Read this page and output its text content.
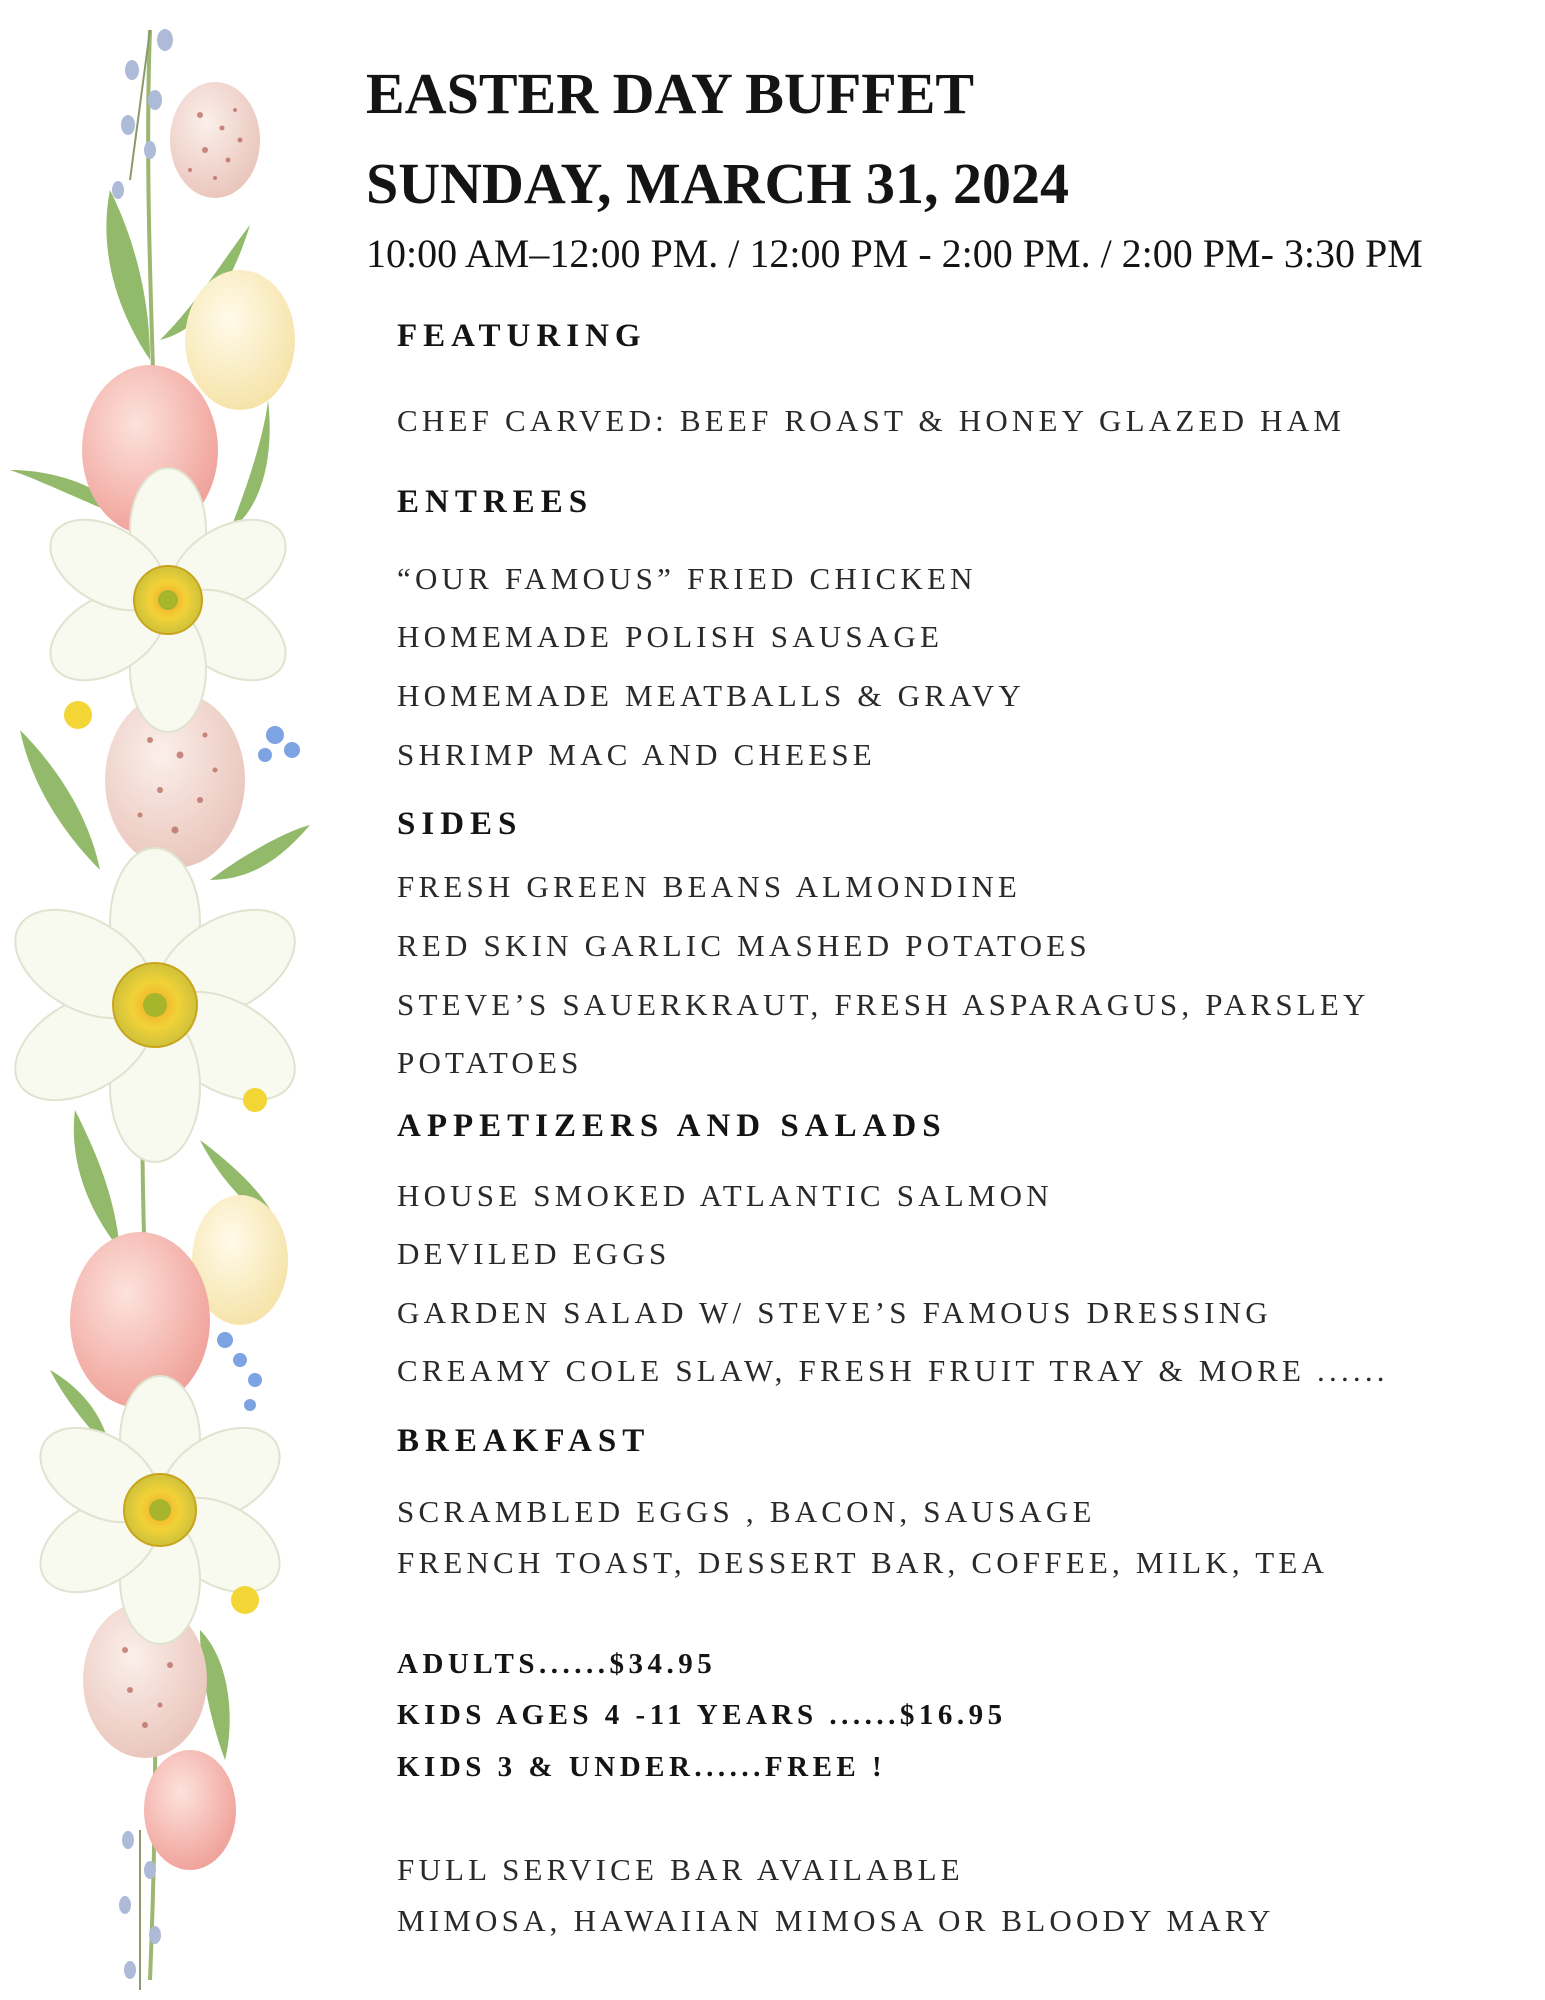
EASTER DAY BUFFET
SUNDAY, MARCH 31, 2024
10:00 AM–12:00 PM. / 12:00 PM - 2:00 PM. / 2:00 PM- 3:30 PM
FEATURING
CHEF CARVED: BEEF ROAST & HONEY GLAZED HAM
ENTREES
“OUR FAMOUS” FRIED CHICKEN
HOMEMADE POLISH SAUSAGE
HOMEMADE MEATBALLS & GRAVY
SHRIMP MAC AND CHEESE
SIDES
FRESH GREEN BEANS ALMONDINE
RED SKIN GARLIC MASHED POTATOES
STEVE’S SAUERKRAUT, FRESH ASPARAGUS, PARSLEY
POTATOES
APPETIZERS AND SALADS
HOUSE SMOKED ATLANTIC SALMON
DEVILED EGGS
GARDEN SALAD W/ STEVE’S FAMOUS DRESSING
CREAMY COLE SLAW, FRESH FRUIT TRAY & MORE ......
BREAKFAST
SCRAMBLED EGGS , BACON, SAUSAGE
FRENCH TOAST, DESSERT BAR, COFFEE, MILK, TEA
ADULTS......$34.95
KIDS AGES 4 -11 YEARS ......$16.95
KIDS 3 & UNDER......FREE !
FULL SERVICE BAR AVAILABLE
MIMOSA, HAWAIIAN MIMOSA OR BLOODY MARY
